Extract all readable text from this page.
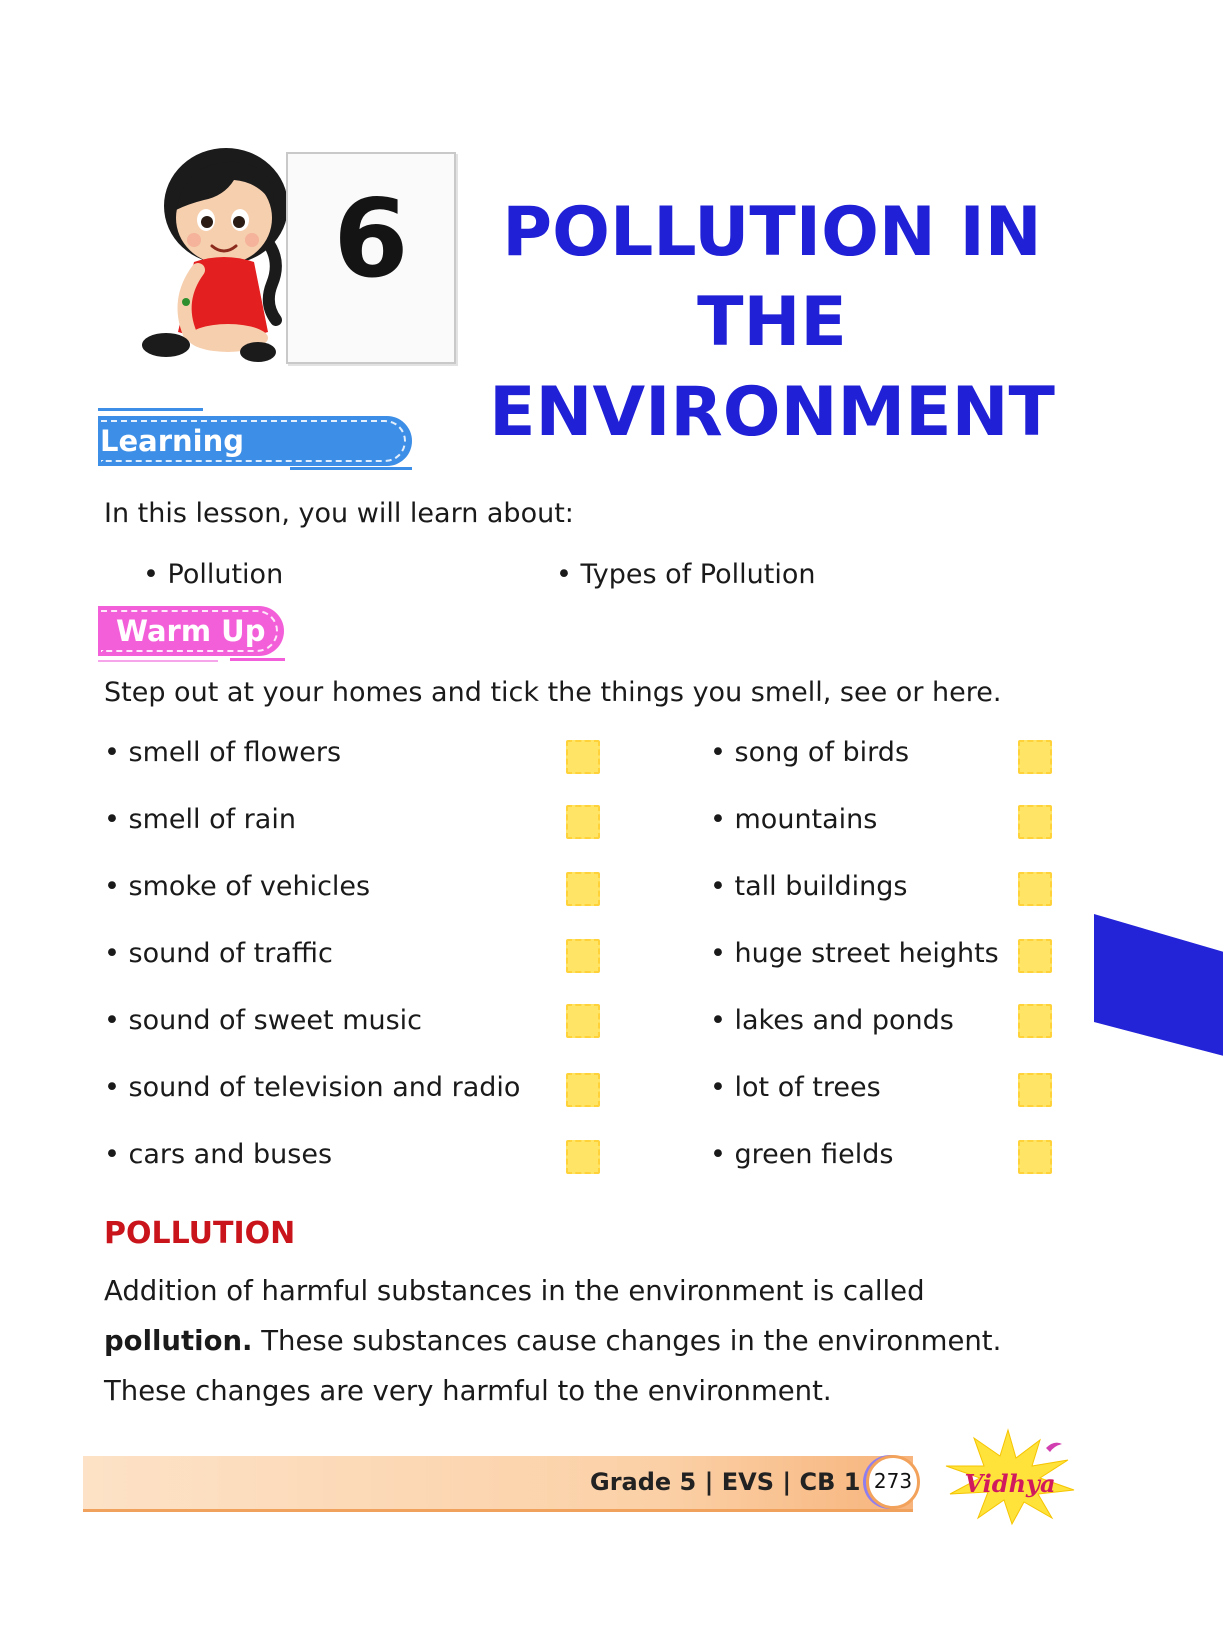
6	POLLUTION IN THE
ENVIRONMENT
Learning Outcomes
In this lesson, you will learn about:
• Pollution	• Types of Pollution
Warm Up
Step out at your homes and tick the things you smell, see or here.
• smell of flowers
• smell of rain
• smoke of vehicles
• sound of traffic
• sound of sweet music
• sound of television and radio
• cars and buses
• song of birds
• mountains
• tall buildings
• huge street heights
• lakes and ponds
• lot of trees
• green fields
POLLUTION
Addition of harmful substances in the environment is called pollution. These substances cause changes in the environment. These changes are very harmful to the environment.
Grade 5 | EVS | CB 1 273	Vidhya
